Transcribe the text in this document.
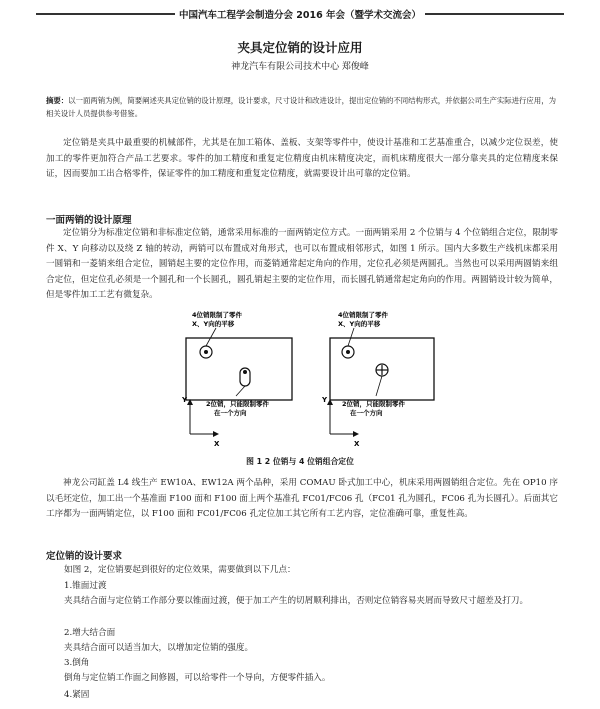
中国汽车工程学会制造分会 2016 年会（暨学术交流会）
夹具定位销的设计应用
神龙汽车有限公司技术中心 郑俊峰
摘要：以一面两销为例，简要阐述夹具定位销的设计原理，设计要求，尺寸设计和改进设计，提出定位销的不同结构形式，并依据公司生产实际进行应用，为相关设计人员提供参考借鉴。
定位销是夹具中最重要的机械部件，尤其是在加工箱体、盖板、支架等零件中，使设计基准和工艺基准重合，以减少定位误差，使加工的零件更加符合产品工艺要求。零件的加工精度和重复定位精度由机床精度决定，而机床精度很大一部分靠夹具的定位精度来保证，因而要加工出合格零件，保证零件的加工精度和重复定位精度，就需要设计出可靠的定位销。
一面两销的设计原理
定位销分为标准定位销和非标准定位销，通常采用标准的一面两销定位方式。一面两销采用 2 个位销与 4 个位销组合定位，限制零件 X、Y 向移动以及绕 Z 轴的转动，两销可以布置成对角形式，也可以布置成相邻形式，如图 1 所示。国内大多数生产线机床都采用一圆销和一菱销来组合定位，圆销起主要的定位作用，而菱销通常起定角向的作用，定位孔必须是两圆孔。当然也可以采用两圆销来组合定位，但定位孔必须是一个圆孔和一个长圆孔，圆孔销起主要的定位作用，而长圆孔销通常起定角向的作用。两圆销设计较为简单，但是零件加工工艺有微复杂。
4位销限制了零件
X、Y向的平移
2位销，只能限制零件
在一个方向
Y
X
4位销限制了零件
X、Y向的平移
2位销，只能限制零件
在一个方向
Y
X
图 1 2 位销与 4 位销组合定位
神龙公司缸盖 L4 线生产 EW10A、EW12A 两个品种，采用 COMAU 卧式加工中心，机床采用两圆销组合定位。先在 OP10 序以毛坯定位，加工出一个基准面 F100 面和 F100 面上两个基准孔 FC01/FC06 孔（FC01 孔为圆孔，FC06 孔为长圆孔）。后面其它工序都为一面两销定位，以 F100 面和 FC01/FC06 孔定位加工其它所有工艺内容，定位准确可靠，重复性高。
定位销的设计要求
如图 2，定位销要起到很好的定位效果，需要做到以下几点：
1.锥面过渡
夹具结合面与定位销工作部分要以锥面过渡，便于加工产生的切屑顺利排出，否则定位销容易夹屑而导致尺寸超差及打刀。
2.增大结合面
夹具结合面可以适当加大，以增加定位销的强度。
3.倒角
倒角与定位销工作面之间修圆，可以给零件一个导向，方便零件插入。
4.紧固
